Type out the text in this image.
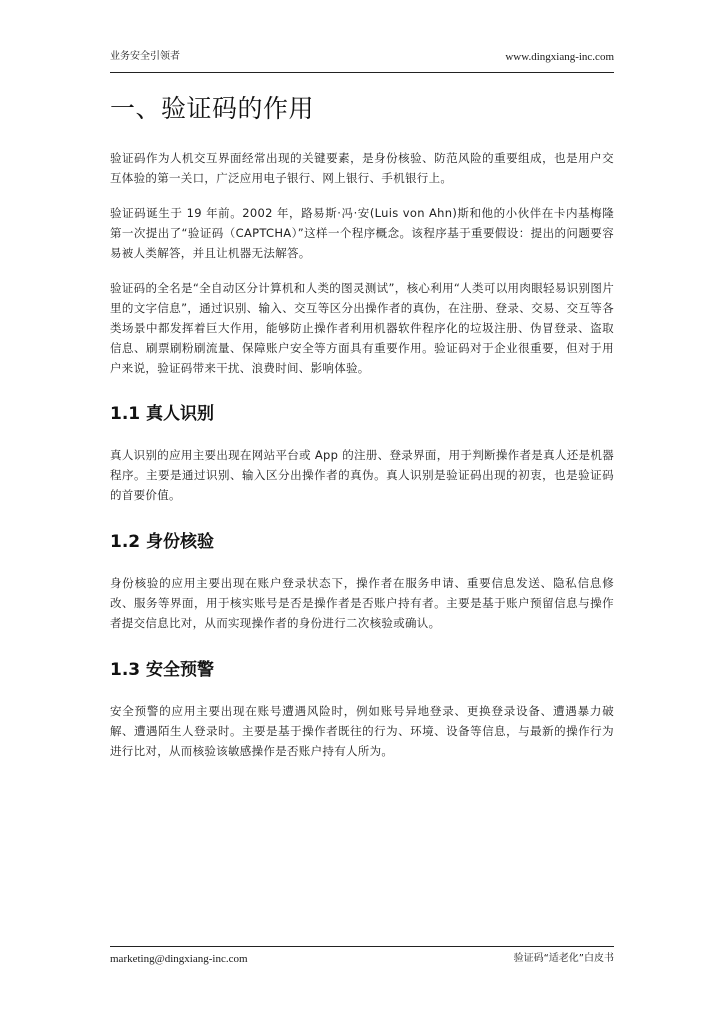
业务安全引领者	www.dingxiang-inc.com
一、验证码的作用

验证码作为人机交互界面经常出现的关键要素，是身份核验、防范风险的重要组成，也是用户交互体验的第一关口，广泛应用电子银行、网上银行、手机银行上。

验证码诞生于 19 年前。2002 年，路易斯·冯·安(Luis von Ahn)斯和他的小伙伴在卡内基梅隆第一次提出了“验证码（CAPTCHA）”这样一个程序概念。该程序基于重要假设：提出的问题要容易被人类解答，并且让机器无法解答。

验证码的全名是“全自动区分计算机和人类的图灵测试”，核心利用“人类可以用肉眼轻易识别图片里的文字信息”，通过识别、输入、交互等区分出操作者的真伪，在注册、登录、交易、交互等各类场景中都发挥着巨大作用，能够防止操作者利用机器软件程序化的垃圾注册、伪冒登录、盗取信息、刷票刷粉刷流量、保障账户安全等方面具有重要作用。验证码对于企业很重要，但对于用户来说，验证码带来干扰、浪费时间、影响体验。

1.1 真人识别

真人识别的应用主要出现在网站平台或 App 的注册、登录界面，用于判断操作者是真人还是机器程序。主要是通过识别、输入区分出操作者的真伪。真人识别是验证码出现的初衷，也是验证码的首要价值。

1.2 身份核验

身份核验的应用主要出现在账户登录状态下，操作者在服务申请、重要信息发送、隐私信息修改、服务等界面，用于核实账号是否是操作者是否账户持有者。主要是基于账户预留信息与操作者提交信息比对，从而实现操作者的身份进行二次核验或确认。

1.3 安全预警

安全预警的应用主要出现在账号遭遇风险时，例如账号异地登录、更换登录设备、遭遇暴力破解、遭遇陌生人登录时。主要是基于操作者既往的行为、环境、设备等信息，与最新的操作行为进行比对，从而核验该敏感操作是否账户持有人所为。

marketing@dingxiang-inc.com	验证码“适老化”白皮书
